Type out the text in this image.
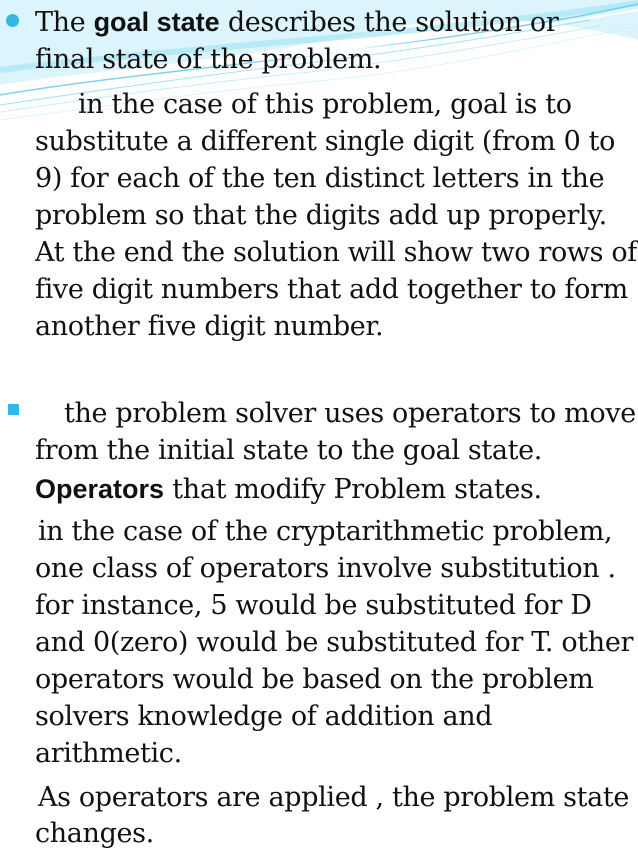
The goal state describes the solution or
final state of the problem.
in the case of this problem, goal is to
substitute a different single digit (from 0 to
9) for each of the ten distinct letters in the
problem so that the digits add up properly.
At the end the solution will show two rows of
five digit numbers that add together to form
another five digit number.
the problem solver uses operators to move
from the initial state to the goal state.
Operators that modify Problem states.
in the case of the cryptarithmetic problem,
one class of operators involve substitution .
for instance, 5 would be substituted for D
and 0(zero) would be substituted for T. other
operators would be based on the problem
solvers knowledge of addition and
arithmetic.
As operators are applied , the problem state
changes.
